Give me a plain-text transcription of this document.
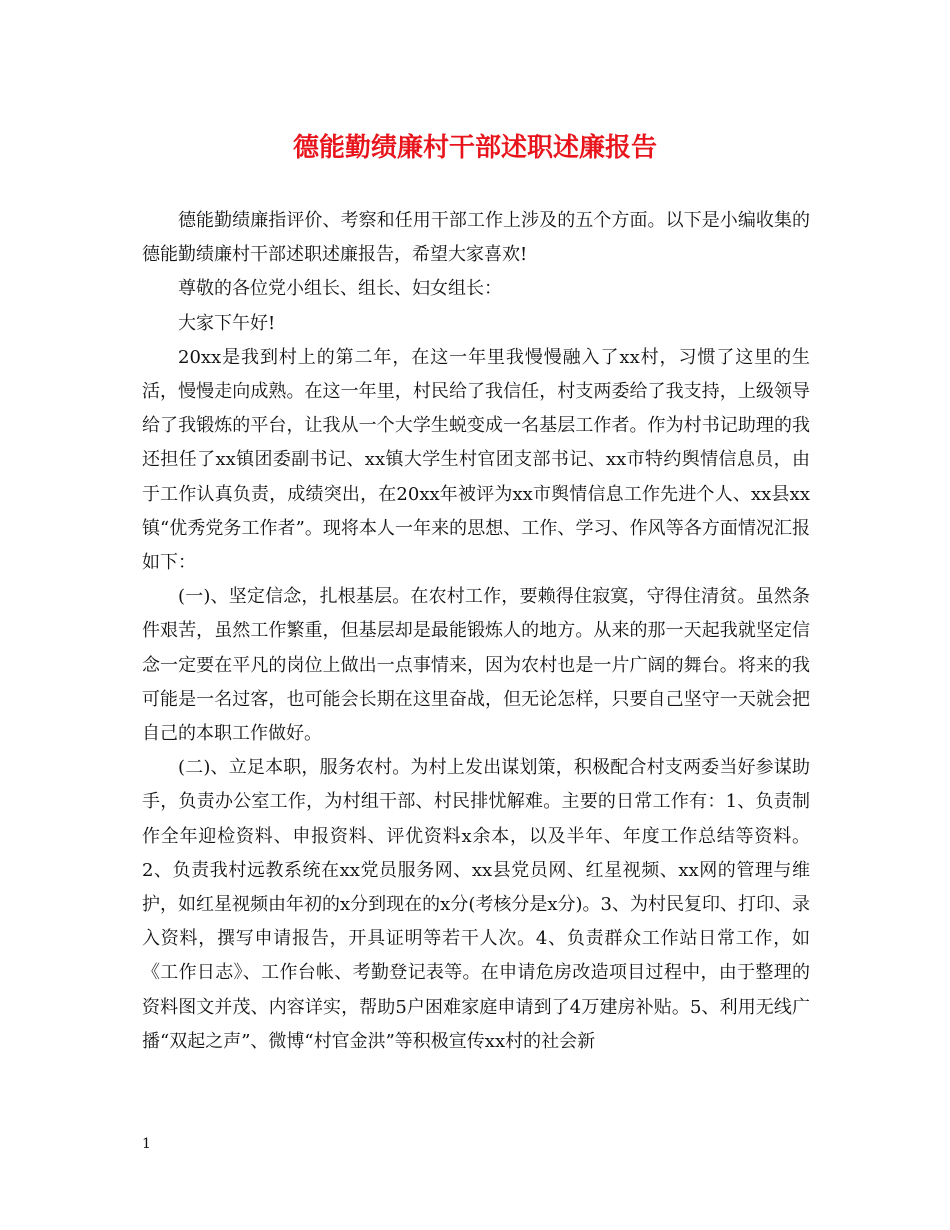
德能勤绩廉村干部述职述廉报告

德能勤绩廉指评价、考察和任用干部工作上涉及的五个方面。以下是小编收集的德能勤绩廉村干部述职述廉报告，希望大家喜欢!

尊敬的各位党小组长、组长、妇女组长：

大家下午好!

20xx是我到村上的第二年，在这一年里我慢慢融入了xx村，习惯了这里的生活，慢慢走向成熟。在这一年里，村民给了我信任，村支两委给了我支持，上级领导给了我锻炼的平台，让我从一个大学生蜕变成一名基层工作者。作为村书记助理的我还担任了xx镇团委副书记、xx镇大学生村官团支部书记、xx市特约舆情信息员，由于工作认真负责，成绩突出，在20xx年被评为xx市舆情信息工作先进个人、xx县xx镇“优秀党务工作者”。现将本人一年来的思想、工作、学习、作风等各方面情况汇报如下：

(一)、坚定信念，扎根基层。在农村工作，要赖得住寂寞，守得住清贫。虽然条件艰苦，虽然工作繁重，但基层却是最能锻炼人的地方。从来的那一天起我就坚定信念一定要在平凡的岗位上做出一点事情来，因为农村也是一片广阔的舞台。将来的我可能是一名过客，也可能会长期在这里奋战，但无论怎样，只要自己坚守一天就会把自己的本职工作做好。

(二)、立足本职，服务农村。为村上发出谋划策，积极配合村支两委当好参谋助手，负责办公室工作，为村组干部、村民排忧解难。主要的日常工作有：1、负责制作全年迎检资料、申报资料、评优资料x余本，以及半年、年度工作总结等资料。2、负责我村远教系统在xx党员服务网、xx县党员网、红星视频、xx网的管理与维护，如红星视频由年初的x分到现在的x分(考核分是x分)。3、为村民复印、打印、录入资料，撰写申请报告，开具证明等若干人次。4、负责群众工作站日常工作，如《工作日志》、工作台帐、考勤登记表等。在申请危房改造项目过程中，由于整理的资料图文并茂、内容详实，帮助5户困难家庭申请到了4万建房补贴。5、利用无线广播“双起之声”、微博“村官金洪”等积极宣传xx村的社会新

1
